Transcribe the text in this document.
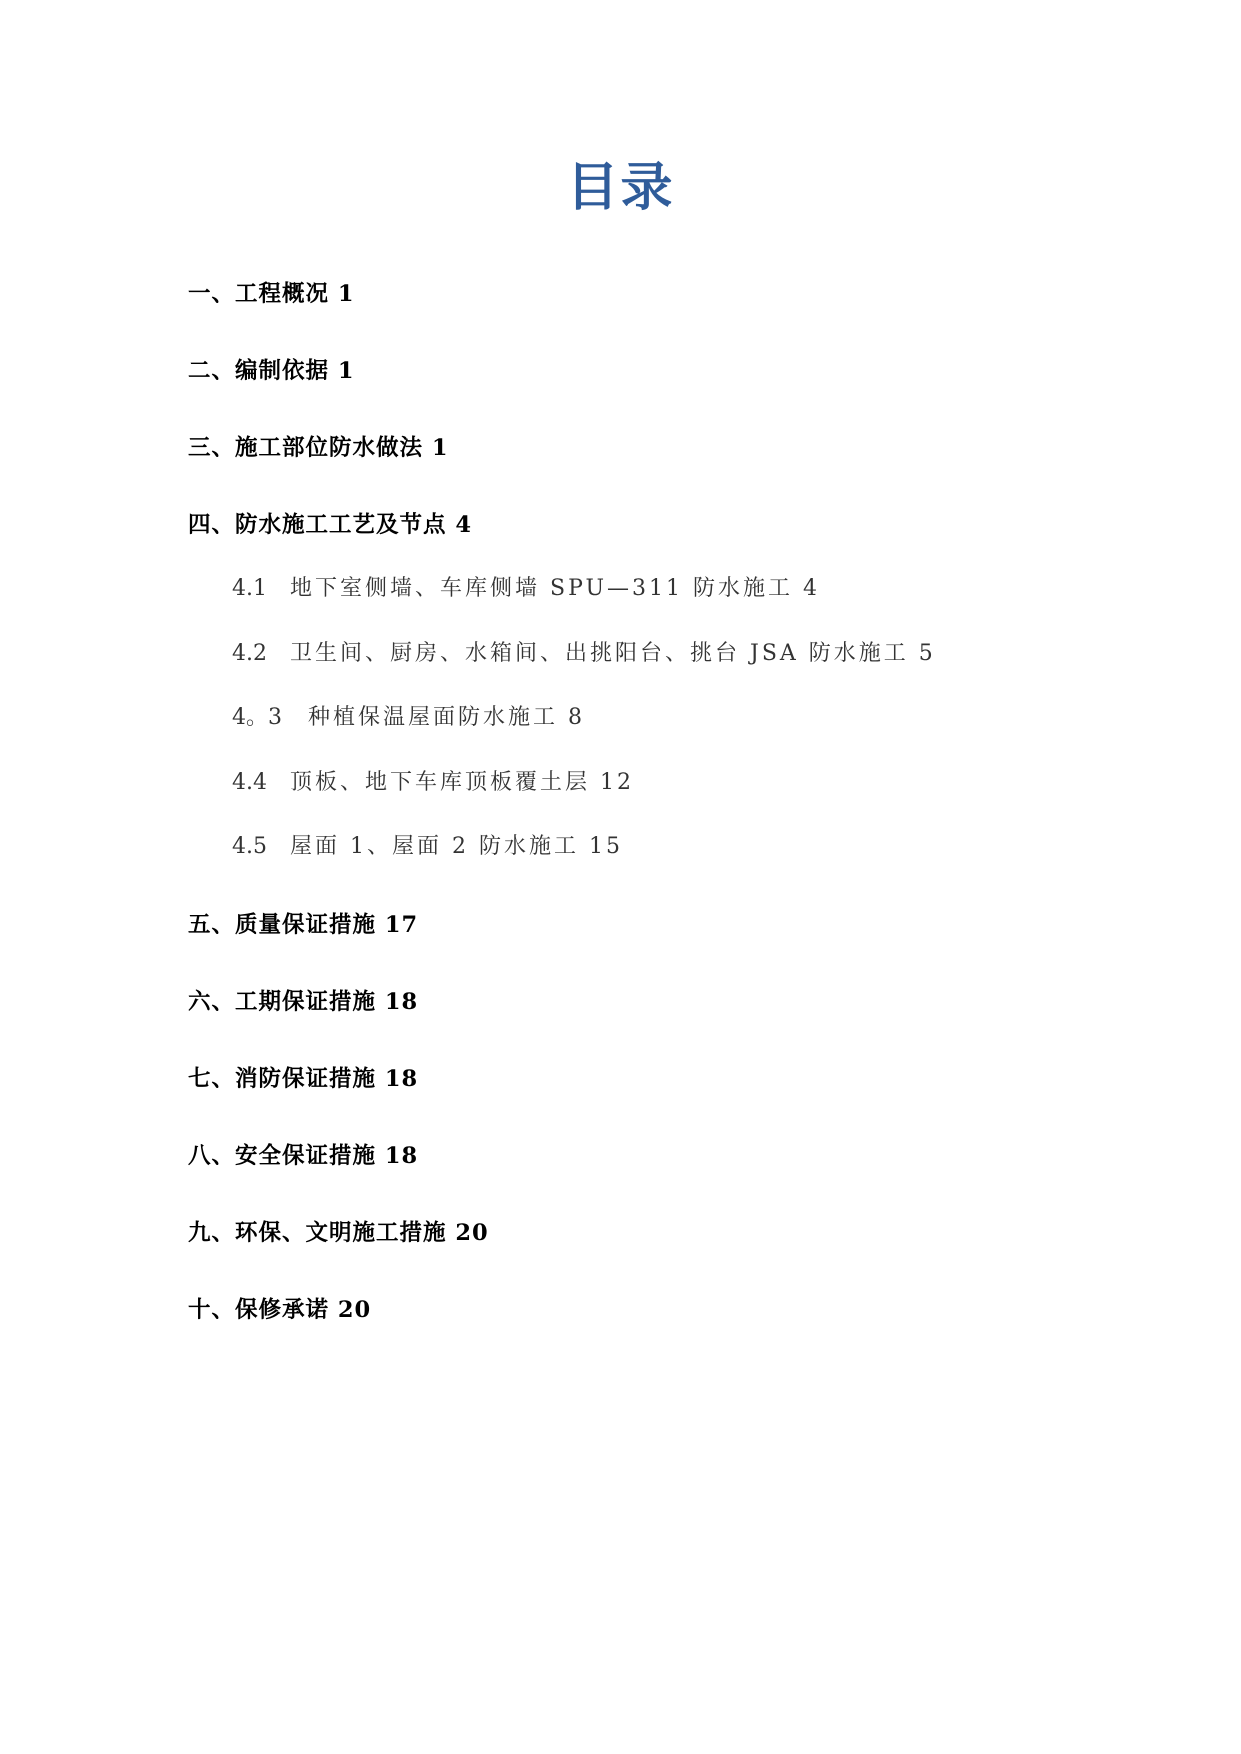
目录

一、工程概况 1

二、编制依据 1

三、施工部位防水做法 1

四、防水施工工艺及节点 4

4.1 地下室侧墙、车库侧墙 SPU—311 防水施工 4

4.2 卫生间、厨房、水箱间、出挑阳台、挑台 JSA 防水施工 5

4。3 种植保温屋面防水施工 8

4.4 顶板、地下车库顶板覆土层 12

4.5 屋面 1、屋面 2 防水施工 15

五、质量保证措施 17

六、工期保证措施 18

七、消防保证措施 18

八、安全保证措施 18

九、环保、文明施工措施 20

十、保修承诺 20
